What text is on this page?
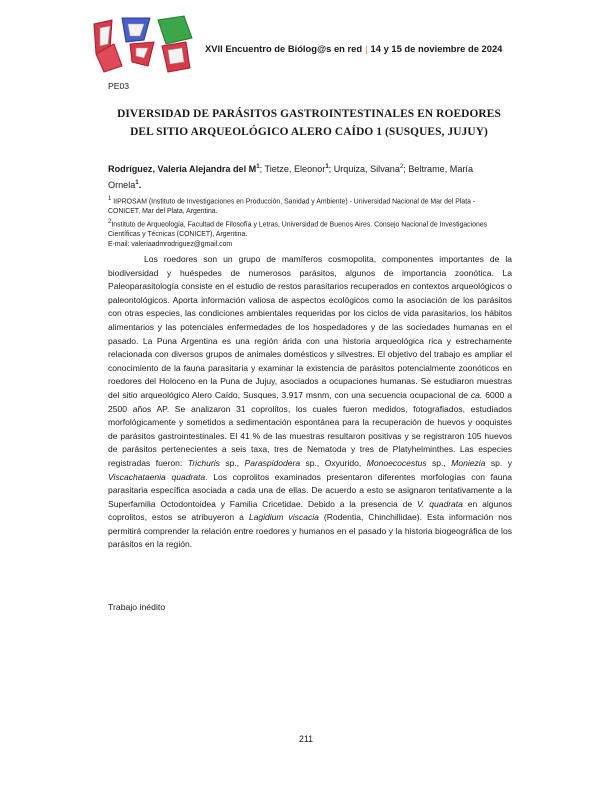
XVII Encuentro de Biólog@s en red | 14 y 15 de noviembre de 2024
PE03
DIVERSIDAD DE PARÁSITOS GASTROINTESTINALES EN ROEDORES
DEL SITIO ARQUEOLÓGICO ALERO CAÍDO 1 (SUSQUES, JUJUY)
Rodríguez, Valeria Alejandra del $M^1$; Tietze, Eleonor$^1$; Urquiza, Silvana$^2$; Beltrame, María
Ornela$^1$.
$^1$ IIPROSAM (Instituto de Investigaciones en Producción, Sanidad y Ambiente) - Universidad Nacional de Mar del Plata - CONICET, Mar del Plata, Argentina.
$^2$Instituto de Arqueología, Facultad de Filosofía y Letras, Universidad de Buenos Aires. Consejo Nacional de Investigaciones Científicas y Técnicas (CONICET), Argentina.
E-mail: valeriaadmrodriguez@gmail.com

Los roedores son un grupo de mamíferos cosmopolita, componentes importantes de la biodiversidad y huéspedes de numerosos parásitos, algunos de importancia zoonótica. La Paleoparasitología consiste en el estudio de restos parasitarios recuperados en contextos arqueológicos o paleontológicos. Aporta información valiosa de aspectos ecológicos como la asociación de los parásitos con otras especies, las condiciones ambientales requeridas por los ciclos de vida parasitarios, los hábitos alimentarios y las potenciales enfermedades de los hospedadores y de las sociedades humanas en el pasado. La Puna Argentina es una región árida con una historia arqueológica rica y estrechamente relacionada con diversos grupos de animales domésticos y silvestres. El objetivo del trabajo es ampliar el conocimiento de la fauna parasitaria y examinar la existencia de parásitos potencialmente zoonóticos en roedores del Holoceno en la Puna de Jujuy, asociados a ocupaciones humanas. Se estudiaron muestras del sitio arqueológico Alero Caído, Susques, 3.917 msnm, con una secuencia ocupacional de ca. 6000 a 2500 años AP. Se analizaron 31 coprolitos, los cuales fueron medidos, fotografiados, estudiados morfológicamente y sometidos a sedimentación espontánea para la recuperación de huevos y ooquistes de parásitos gastrointestinales. El 41 % de las muestras resultaron positivas y se registraron 105 huevos de parásitos pertenecientes a seis taxa, tres de Nematoda y tres de Platyhelminthes. Las especies registradas fueron: Trichuris sp., Paraspidodera sp., Oxyurido, Monoecocestus sp., Moniezia sp. y Viscachataenia quadrata. Los coprolitos examinados presentaron diferentes morfologías con fauna parasitaria específica asociada a cada una de ellas. De acuerdo a esto se asignaron tentativamente a la Superfamilia Octodontoidea y Familia Cricetidae. Debido a la presencia de V. quadrata en algunos coprolitos, estos se atribuyeron a Lagidium viscacia (Rodentia, Chinchillidae). Esta información nos permitirá comprender la relación entre roedores y humanos en el pasado y la historia biogeográfica de los parásitos en la región.

Trabajo inédito
211
